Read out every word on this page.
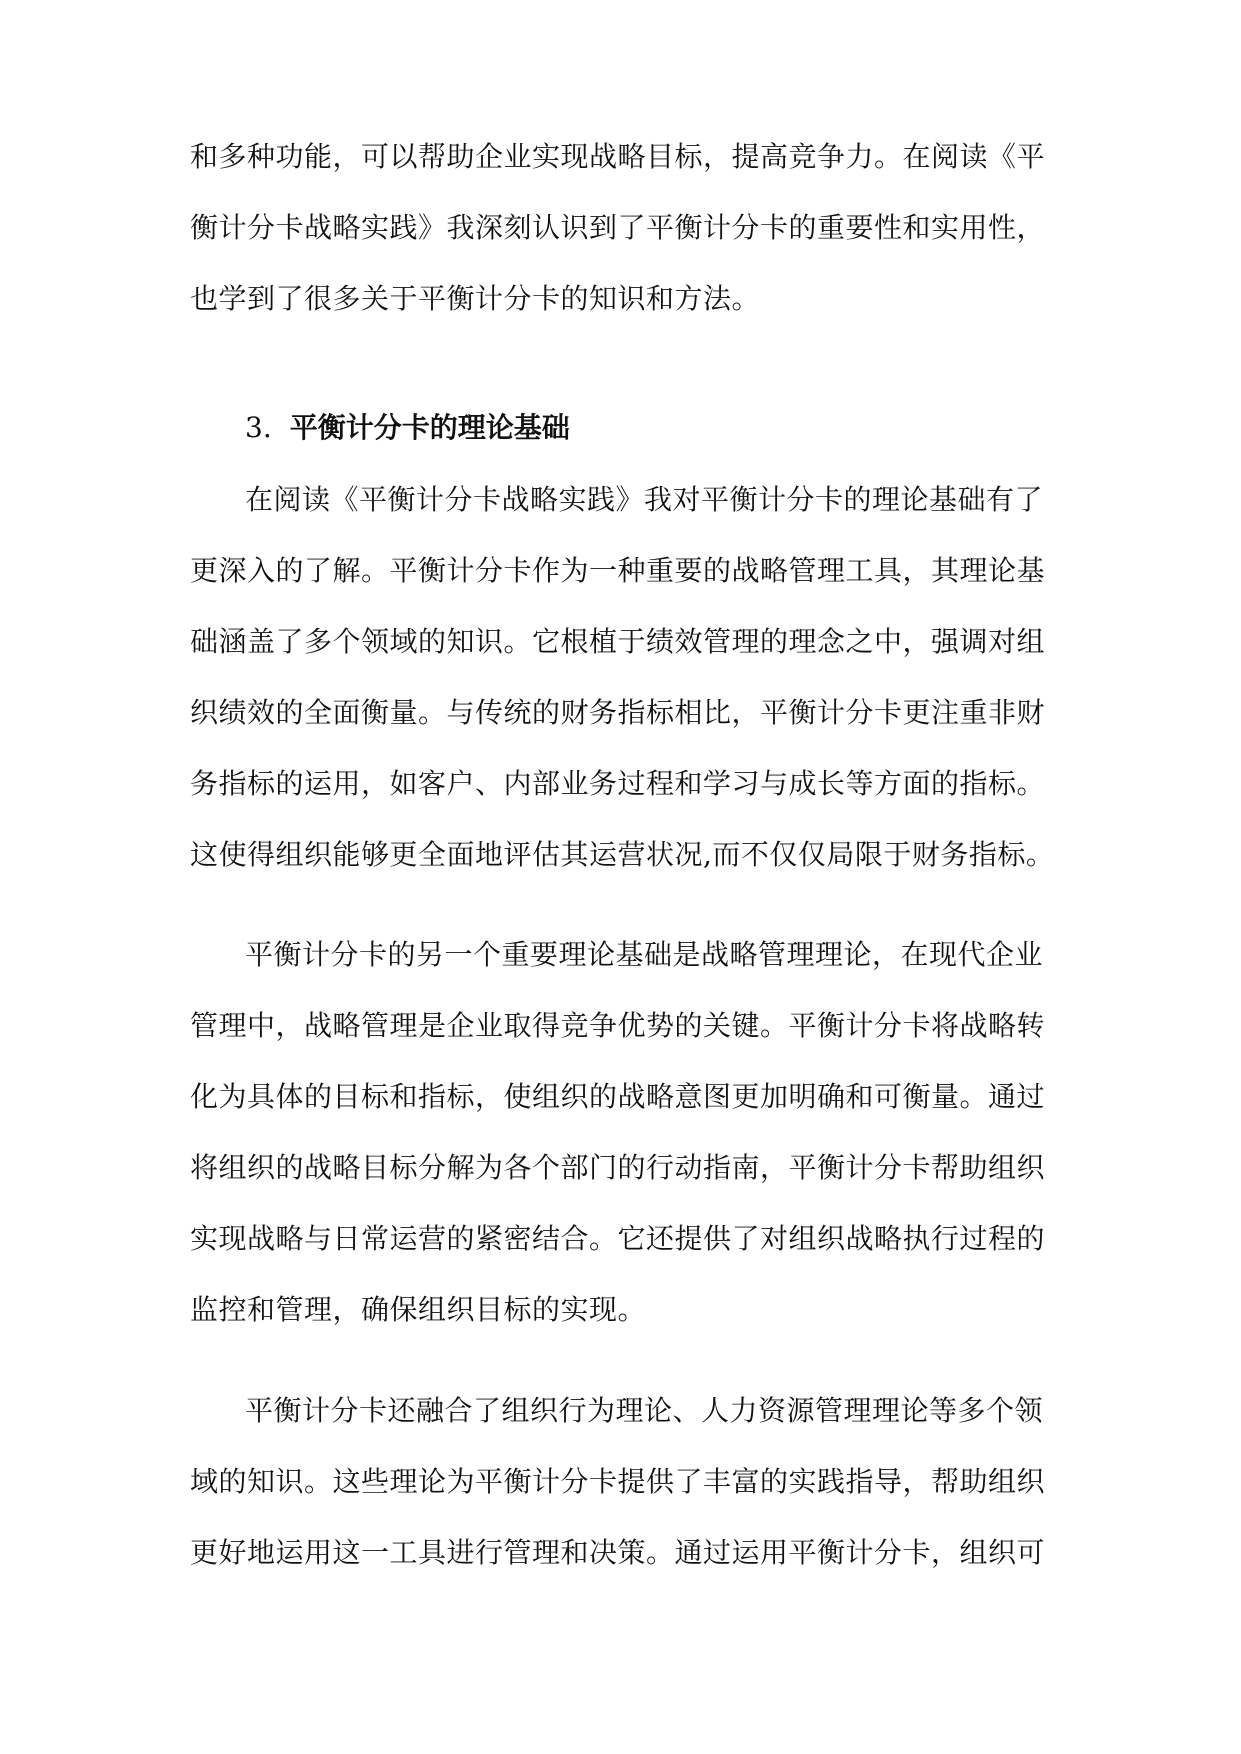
和多种功能，可以帮助企业实现战略目标，提高竞争力。在阅读《平
衡计分卡战略实践》我深刻认识到了平衡计分卡的重要性和实用性，
也学到了很多关于平衡计分卡的知识和方法。
3. 平衡计分卡的理论基础
在阅读《平衡计分卡战略实践》我对平衡计分卡的理论基础有了
更深入的了解。平衡计分卡作为一种重要的战略管理工具，其理论基
础涵盖了多个领域的知识。它根植于绩效管理的理念之中，强调对组
织绩效的全面衡量。与传统的财务指标相比，平衡计分卡更注重非财
务指标的运用，如客户、内部业务过程和学习与成长等方面的指标。
这使得组织能够更全面地评估其运营状况,而不仅仅局限于财务指标。
平衡计分卡的另一个重要理论基础是战略管理理论，在现代企业
管理中，战略管理是企业取得竞争优势的关键。平衡计分卡将战略转
化为具体的目标和指标，使组织的战略意图更加明确和可衡量。通过
将组织的战略目标分解为各个部门的行动指南，平衡计分卡帮助组织
实现战略与日常运营的紧密结合。它还提供了对组织战略执行过程的
监控和管理，确保组织目标的实现。
平衡计分卡还融合了组织行为理论、人力资源管理理论等多个领
域的知识。这些理论为平衡计分卡提供了丰富的实践指导，帮助组织
更好地运用这一工具进行管理和决策。通过运用平衡计分卡，组织可
